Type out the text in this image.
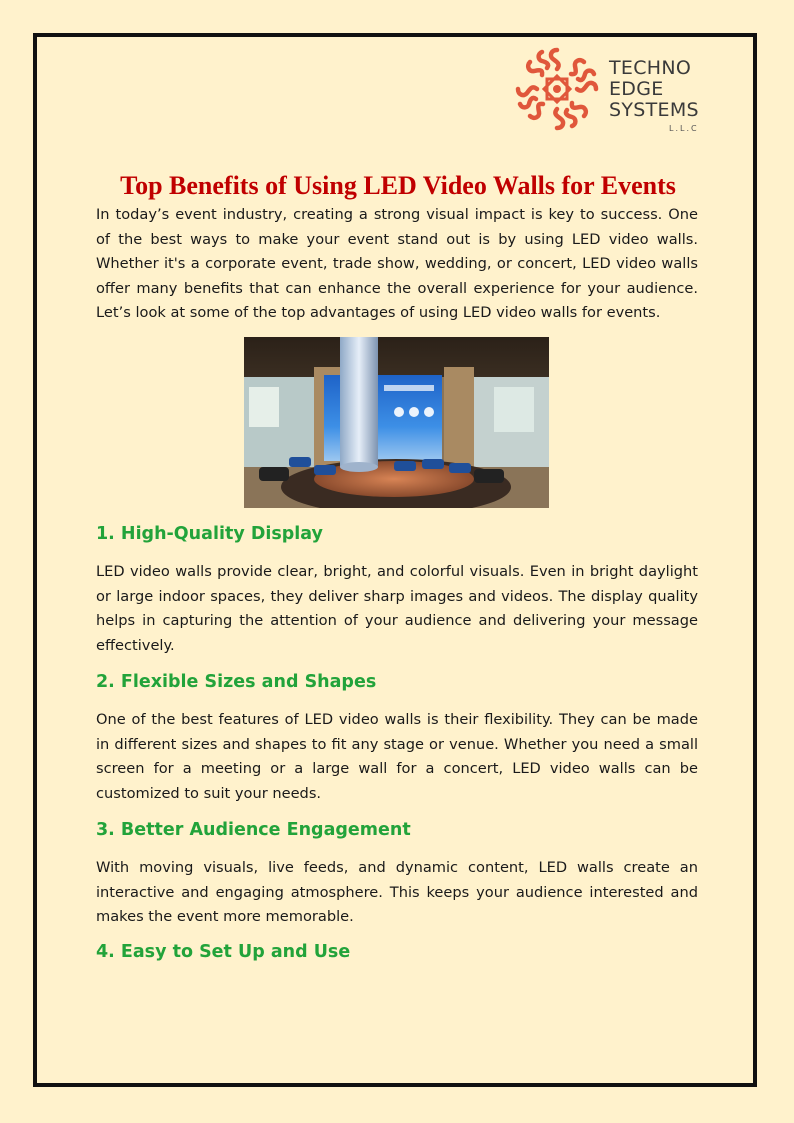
TECHNO
EDGE
SYSTEMS
L.L.C
Top Benefits of Using LED Video Walls for Events

In today’s event industry, creating a strong visual impact is key to success. One of the best ways to make your event stand out is by using LED video walls. Whether it's a corporate event, trade show, wedding, or concert, LED video walls offer many benefits that can enhance the overall experience for your audience. Let’s look at some of the top advantages of using LED video walls for events.

1. High-Quality Display

LED video walls provide clear, bright, and colorful visuals. Even in bright daylight or large indoor spaces, they deliver sharp images and videos. The display quality helps in capturing the attention of your audience and delivering your message effectively.

2. Flexible Sizes and Shapes

One of the best features of LED video walls is their flexibility. They can be made in different sizes and shapes to fit any stage or venue. Whether you need a small screen for a meeting or a large wall for a concert, LED video walls can be customized to suit your needs.

3. Better Audience Engagement

With moving visuals, live feeds, and dynamic content, LED walls create an interactive and engaging atmosphere. This keeps your audience interested and makes the event more memorable.

4. Easy to Set Up and Use
